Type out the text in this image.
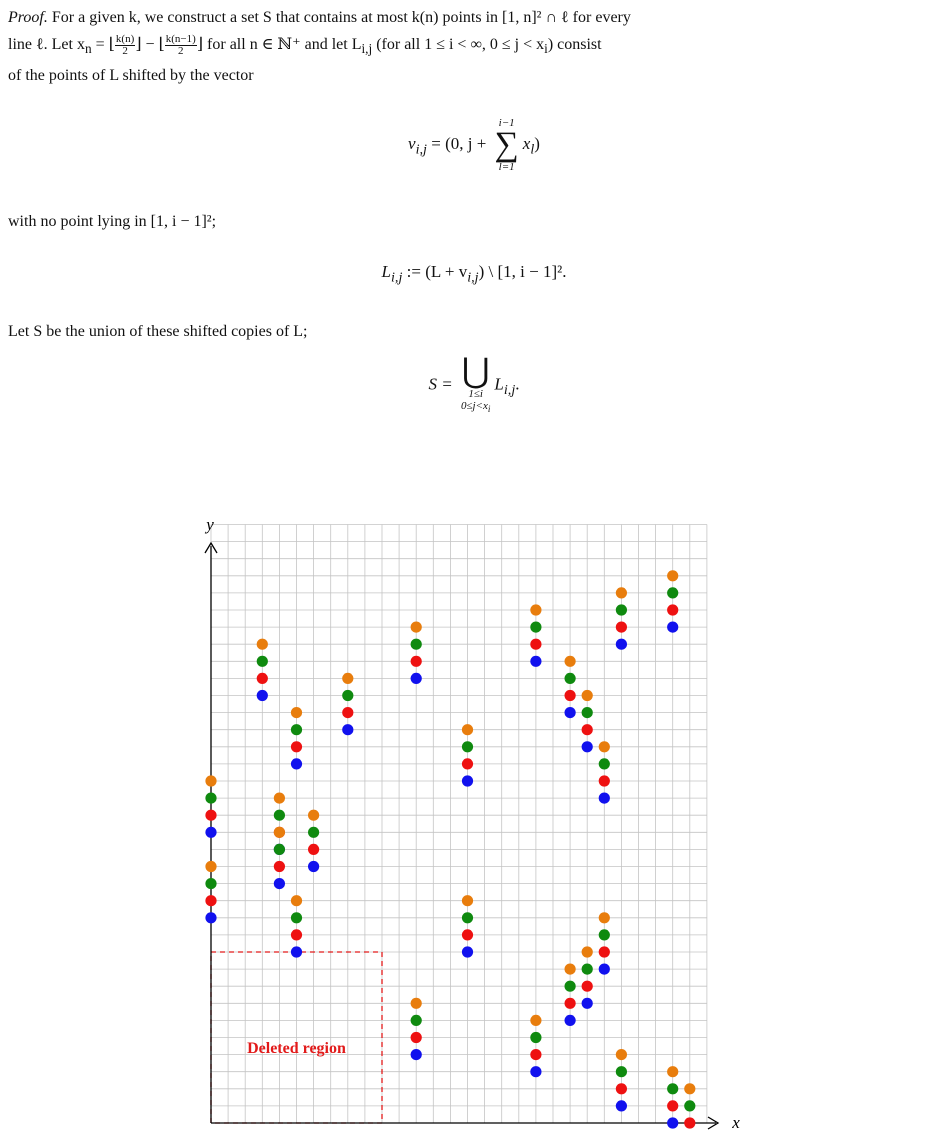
Proof. For a given k, we construct a set S that contains at most k(n) points in [1, n]² ∩ ℓ for every
line ℓ. Let $x_n$ = ⌊ $\frac{k(n)}{2}$ ⌋ − ⌊ $\frac{k(n-1)}{2}$ ⌋ for all n ∈ ℕ⁺ and let $L_{i,j}$ (for all 1 ≤ i < ∞, $0 \le j < x_i$) consist
of the points of L shifted by the vector
$v_{i,j} = (0$, j +
i−1
∑
l=1
$x_l$)
with no point lying in [1, i − 1]²;
$L_{i,j}$ := $(L + v_{i,j})$ \ [1, i − 1]².
Let S be the union of these shifted copies of L;
S = ⋃
1≤i
$0\le j<x_i$
$L_{i,j}$.
Deleted region
y
x
